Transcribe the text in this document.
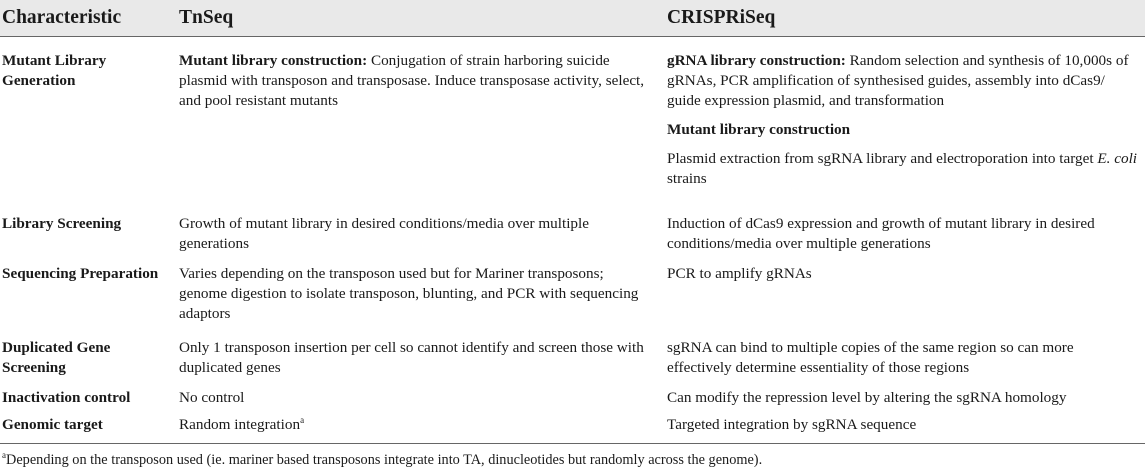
Characteristic	TnSeq	CRISPRiSeq
Mutant Library Generation	Mutant library construction: Conjugation of strain harboring suicide plasmid with transposon and transposase. Induce transposase activity, select, and pool resistant mutants	gRNA library construction: Random selection and synthesis of 10,000s of gRNAs, PCR amplification of synthesised guides, assembly into dCas9/ guide expression plasmid, and transformation
Mutant library construction
Plasmid extraction from sgRNA library and electroporation into target E. coli strains

Library Screening	Growth of mutant library in desired conditions/media over multiple generations	Induction of dCas9 expression and growth of mutant library in desired conditions/media over multiple generations
Sequencing Preparation	Varies depending on the transposon used but for Mariner transposons; genome digestion to isolate transposon, blunting, and PCR with sequencing adaptors	PCR to amplify gRNAs
Duplicated Gene Screening	Only 1 transposon insertion per cell so cannot identify and screen those with duplicated genes	sgRNA can bind to multiple copies of the same region so can more effectively determine essentiality of those regions
Inactivation control	No control	Can modify the repression level by altering the sgRNA homology
Genomic target	Random integration$^a$	Targeted integration by sgRNA sequence
$^a$Depending on the transposon used (ie. mariner based transposons integrate into TA, dinucleotides but randomly across the genome).
